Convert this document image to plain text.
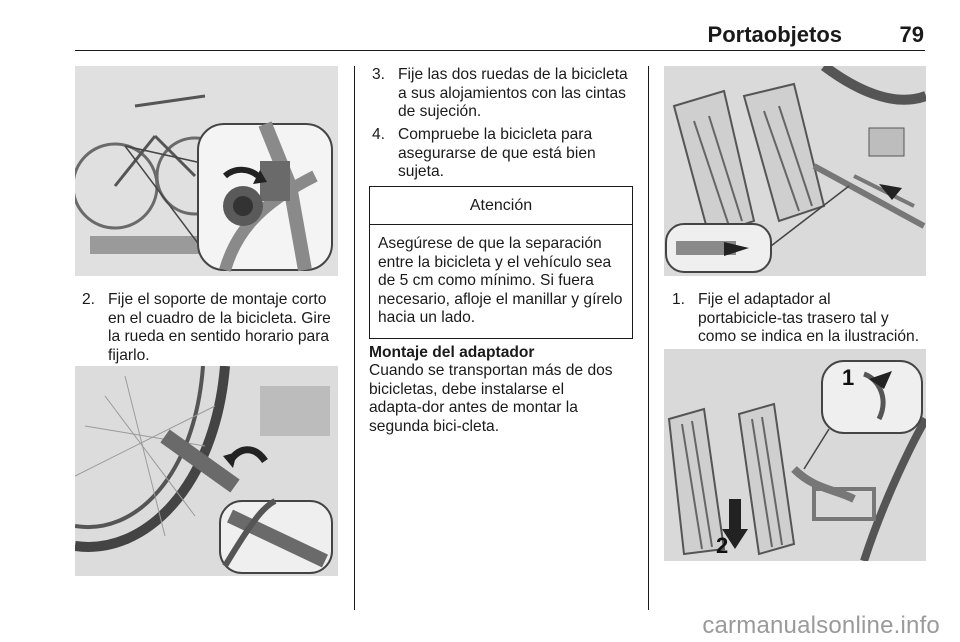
Portaobjetos	79
2. Fije el soporte de montaje corto en el cuadro de la bicicleta. Gire la rueda en sentido horario para fijarlo.
3. Fije las dos ruedas de la bicicleta a sus alojamientos con las cintas de sujeción.
4. Compruebe la bicicleta para asegurarse de que está bien sujeta.
Atención
Asegúrese de que la separación entre la bicicleta y el vehículo sea de 5 cm como mínimo. Si fuera necesario, afloje el manillar y gírelo hacia un lado.
Montaje del adaptador
Cuando se transportan más de dos bicicletas, debe instalarse el adapta‑dor antes de montar la segunda bici‑cleta.
1. Fije el adaptador al portabicicle‑tas trasero tal y como se indica en la ilustración.
1
2
carmanualsonline.info
